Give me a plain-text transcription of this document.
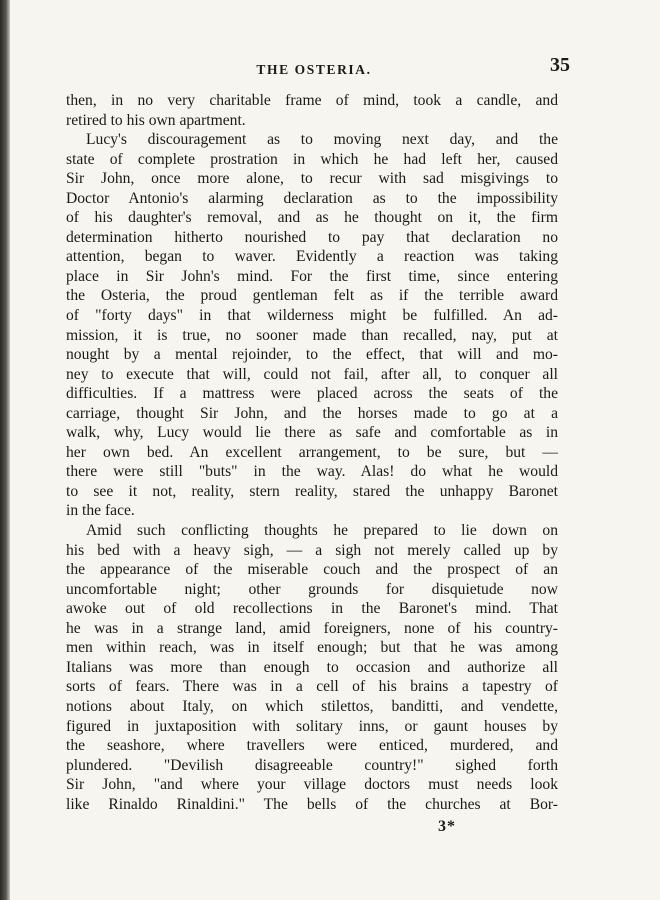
THE OSTERIA.	35
then, in no very charitable frame of mind, took a candle, and
retired to his own apartment.
Lucy's discouragement as to moving next day, and the
state of complete prostration in which he had left her, caused
Sir John, once more alone, to recur with sad misgivings to
Doctor Antonio's alarming declaration as to the impossibility
of his daughter's removal, and as he thought on it, the firm
determination hitherto nourished to pay that declaration no
attention, began to waver. Evidently a reaction was taking
place in Sir John's mind. For the first time, since entering
the Osteria, the proud gentleman felt as if the terrible award
of "forty days" in that wilderness might be fulfilled. An ad-
mission, it is true, no sooner made than recalled, nay, put at
nought by a mental rejoinder, to the effect, that will and mo-
ney to execute that will, could not fail, after all, to conquer all
difficulties. If a mattress were placed across the seats of the
carriage, thought Sir John, and the horses made to go at a
walk, why, Lucy would lie there as safe and comfortable as in
her own bed. An excellent arrangement, to be sure, but —
there were still "buts" in the way. Alas! do what he would
to see it not, reality, stern reality, stared the unhappy Baronet
in the face.
Amid such conflicting thoughts he prepared to lie down on
his bed with a heavy sigh, — a sigh not merely called up by
the appearance of the miserable couch and the prospect of an
uncomfortable night; other grounds for disquietude now
awoke out of old recollections in the Baronet's mind. That
he was in a strange land, amid foreigners, none of his country-
men within reach, was in itself enough; but that he was among
Italians was more than enough to occasion and authorize all
sorts of fears. There was in a cell of his brains a tapestry of
notions about Italy, on which stilettos, banditti, and vendette,
figured in juxtaposition with solitary inns, or gaunt houses by
the seashore, where travellers were enticed, murdered, and
plundered. "Devilish disagreeable country!" sighed forth
Sir John, "and where your village doctors must needs look
like Rinaldo Rinaldini." The bells of the churches at Bor-
3*
